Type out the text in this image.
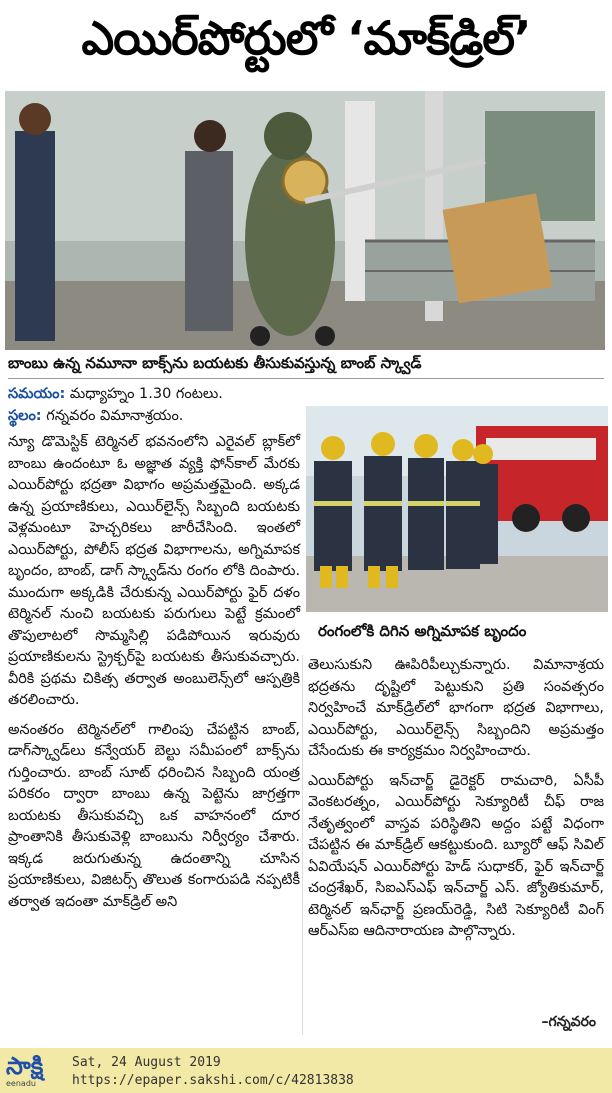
ఎయిర్‌పోర్టులో ‘మాక్‌డ్రిల్’
బాంబు ఉన్న నమూనా బాక్స్‌ను బయటకు తీసుకువస్తున్న బాంబ్ స్క్వాడ్
సమయం: మధ్యాహ్నం 1.30 గంటలు.
స్థలం: గన్నవరం విమానాశ్రయం.

న్యూ డొమెస్టిక్ టెర్మినల్ భవనంలోని ఎరైవల్ బ్లాక్‌లో బాంబు ఉందంటూ ఓ అజ్ఞాత వ్యక్తి ఫోన్‌కాల్ మేరకు ఎయిర్‌పోర్టు భద్రతా విభాగం అప్రమత్తమైంది. అక్కడ ఉన్న ప్రయాణికులు, ఎయిర్‌లైన్స్ సిబ్బంది బయటకు వెళ్లమంటూ హెచ్చరికలు జారీచేసింది. ఇంతలో ఎయిర్‌పోర్టు, పోలీస్ భద్రత విభాగాలను, అగ్నిమాపక బృందం, బాంబ్, డాగ్ స్క్వాడ్‌ను రంగం లోకి దింపారు. ముందుగా అక్కడికి చేరుకున్న ఎయిర్‌పోర్టు ఫైర్ దళం టెర్మినల్ నుంచి బయటకు పరుగులు పెట్టే క్రమంలో తొపులాటలో సొమ్మసిల్లి పడిపోయిన ఇరువురు ప్రయాణికులను స్ట్రెక్చర్‌పై బయటకు తీసుకువచ్చారు. వీరికి ప్రథమ చికిత్స తర్వాత అంబులెన్స్‌లో ఆస్పత్రికి తరలించారు.

అనంతరం టెర్మినల్‌లో గాలింపు చేపట్టిన బాంబ్, డాగ్‌స్క్వాడ్‌లు కన్వేయర్ బెల్టు సమీపంలో బాక్స్‌ను గుర్తించారు. బాంబ్ సూట్ ధరించిన సిబ్బంది యంత్ర పరికరం ద్వారా బాంబు ఉన్న పెట్టెను జాగ్రత్తగా బయటకు తీసుకువచ్చి ఒక వాహనంలో దూర ప్రాంతానికి తీసుకువెళ్లి బాంబును నిర్వీర్యం చేశారు. ఇక్కడ జరుగుతున్న ఉదంతాన్ని చూసిన ప్రయాణికులు, విజిటర్స్ తొలుత కంగారుపడి నప్పటికీ తర్వాత ఇదంతా మాక్‌డ్రిల్ అని

రంగంలోకి దిగిన అగ్నిమాపక బృందం

తెలుసుకుని ఊపిరిపీల్చుకున్నారు. విమానాశ్రయ భద్రతను దృష్టిలో పెట్టుకుని ప్రతి సంవత్సరం నిర్వహించే మాక్‌డ్రిల్‌లో భాగంగా భద్రత విభాగాలు, ఎయిర్‌పోర్టు, ఎయిర్‌లైన్స్ సిబ్బందిని అప్రమత్తం చేసేందుకు ఈ కార్యక్రమం నిర్వహించారు.

ఎయిర్‌పోర్టు ఇన్‌చార్జ్ డైరెక్టర్ రామచారి, ఏసీపీ వెంకటరత్నం, ఎయిర్‌పోర్టు సెక్యూరిటీ చీఫ్ రాజ నేతృత్వంలో వాస్తవ పరిస్థితిని అద్దం పట్టే విధంగా చేపట్టిన ఈ మాక్‌డ్రిల్ ఆకట్టుకుంది. బ్యూరో ఆఫ్ సివిల్ ఏవియేషన్ ఎయిర్‌పోర్టు హెడ్ సుధాకర్, ఫైర్ ఇన్‌చార్జ్ చంద్రశేఖర్, సిఐఎస్ఎఫ్ ఇన్‌చార్జ్ ఎస్. జ్యోతికుమార్, టెర్మినల్ ఇన్‌ఛార్జ్ ప్రణయ్‌రెడ్డి, సిటి సెక్యూరిటీ వింగ్ ఆర్ఎస్ఐ ఆదినారాయణ పాల్గొన్నారు.

–గన్నవరం
సాక్షి
eenadu
Sat, 24 August 2019
https://epaper.sakshi.com/c/42813838
